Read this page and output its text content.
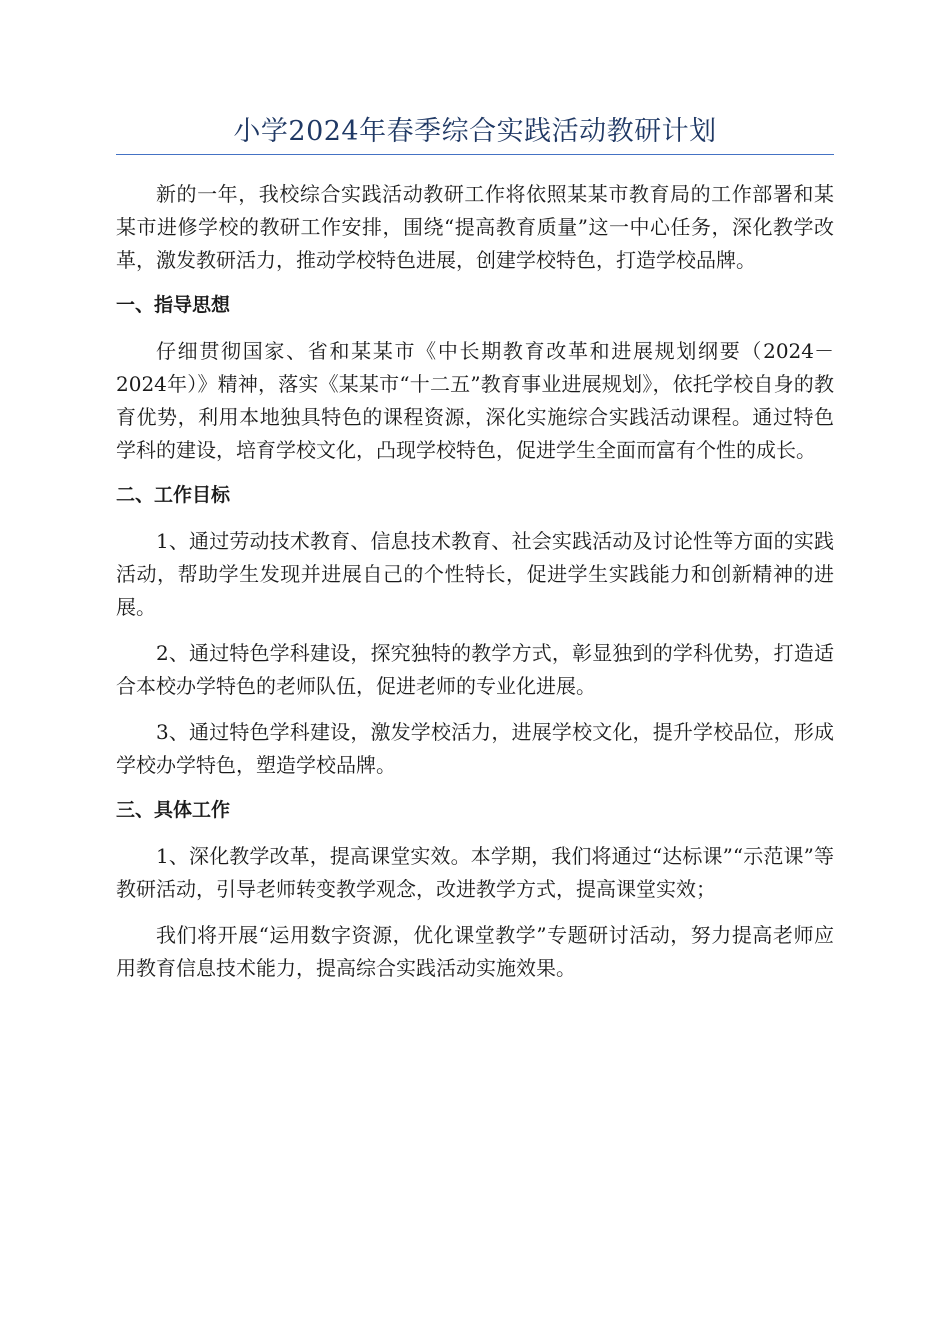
小学2024年春季综合实践活动教研计划

新的一年，我校综合实践活动教研工作将依照某某市教育局的工作部署和某某市进修学校的教研工作安排，围绕“提高教育质量”这一中心任务，深化教学改革，激发教研活力，推动学校特色进展，创建学校特色，打造学校品牌。

一、指导思想

仔细贯彻国家、省和某某市《中长期教育改革和进展规划纲要（2024－2024年）》精神，落实《某某市“十二五”教育事业进展规划》，依托学校自身的教育优势，利用本地独具特色的课程资源，深化实施综合实践活动课程。通过特色学科的建设，培育学校文化，凸现学校特色，促进学生全面而富有个性的成长。

二、工作目标

1、通过劳动技术教育、信息技术教育、社会实践活动及讨论性等方面的实践活动，帮助学生发现并进展自己的个性特长，促进学生实践能力和创新精神的进展。

2、通过特色学科建设，探究独特的教学方式，彰显独到的学科优势，打造适合本校办学特色的老师队伍，促进老师的专业化进展。

3、通过特色学科建设，激发学校活力，进展学校文化，提升学校品位，形成学校办学特色，塑造学校品牌。

三、具体工作

1、深化教学改革，提高课堂实效。本学期，我们将通过“达标课”“示范课”等教研活动，引导老师转变教学观念，改进教学方式，提高课堂实效；

我们将开展“运用数字资源，优化课堂教学”专题研讨活动，努力提高老师应用教育信息技术能力，提高综合实践活动实施效果。
